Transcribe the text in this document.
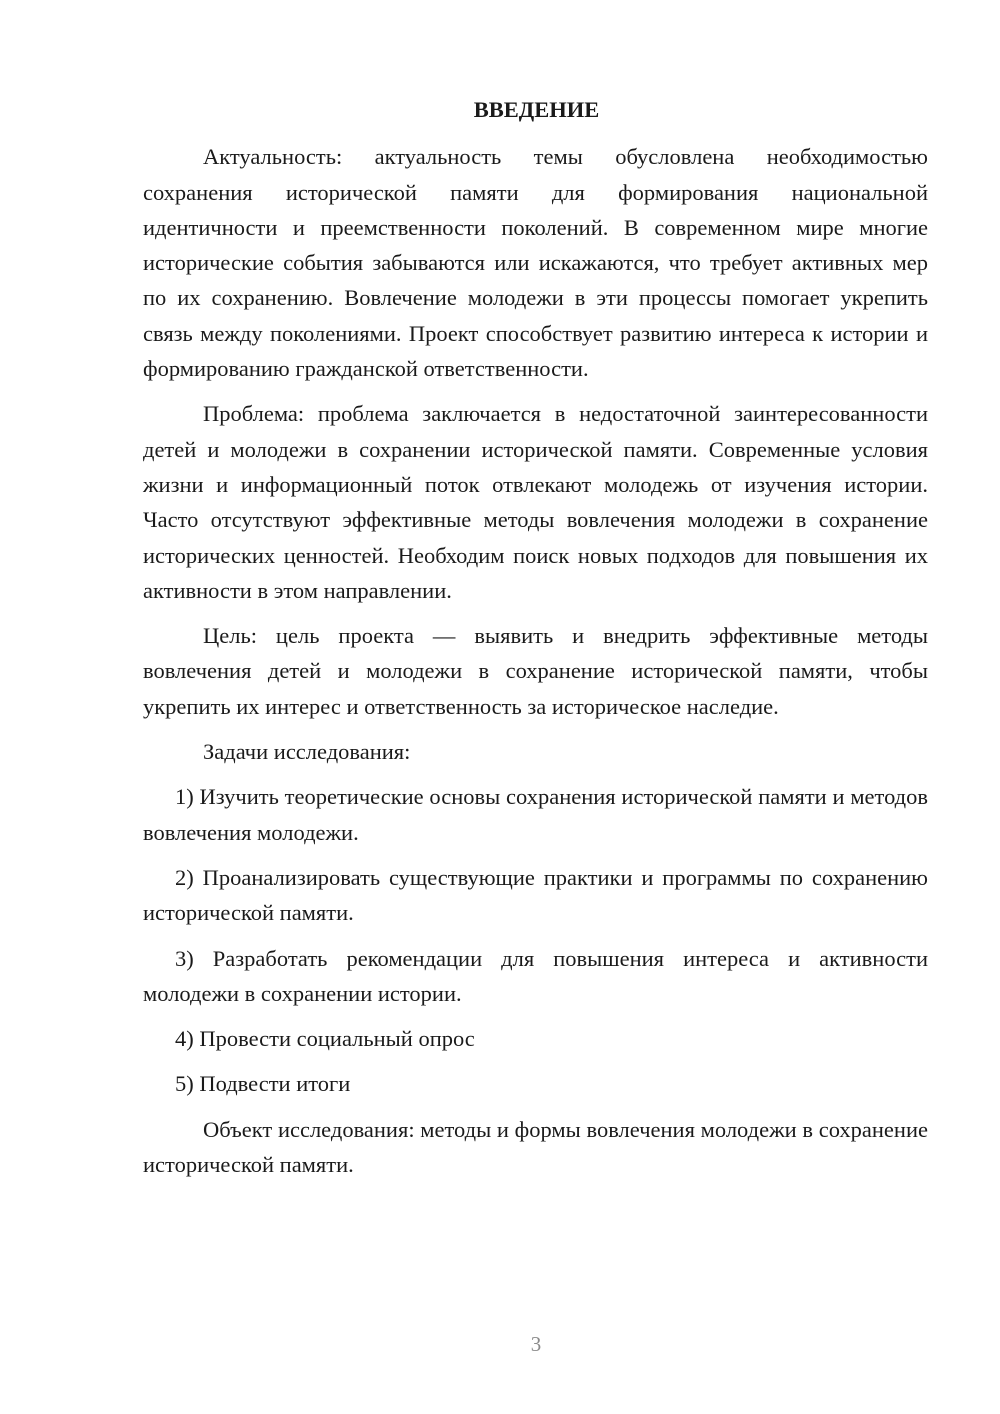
ВВЕДЕНИЕ

Актуальность: актуальность темы обусловлена необходимостью сохранения исторической памяти для формирования национальной идентичности и преемственности поколений. В современном мире многие исторические события забываются или искажаются, что требует активных мер по их сохранению. Вовлечение молодежи в эти процессы помогает укрепить связь между поколениями. Проект способствует развитию интереса к истории и формированию гражданской ответственности.

Проблема: проблема заключается в недостаточной заинтересованности детей и молодежи в сохранении исторической памяти. Современные условия жизни и информационный поток отвлекают молодежь от изучения истории. Часто отсутствуют эффективные методы вовлечения молодежи в сохранение исторических ценностей. Необходим поиск новых подходов для повышения их активности в этом направлении.

Цель: цель проекта — выявить и внедрить эффективные методы вовлечения детей и молодежи в сохранение исторической памяти, чтобы укрепить их интерес и ответственность за историческое наследие.

Задачи исследования:

1) Изучить теоретические основы сохранения исторической памяти и методов вовлечения молодежи.

2) Проанализировать существующие практики и программы по сохранению исторической памяти.

3) Разработать рекомендации для повышения интереса и активности молодежи в сохранении истории.

4) Провести социальный опрос

5) Подвести итоги

Объект исследования: методы и формы вовлечения молодежи в сохранение исторической памяти.

3
